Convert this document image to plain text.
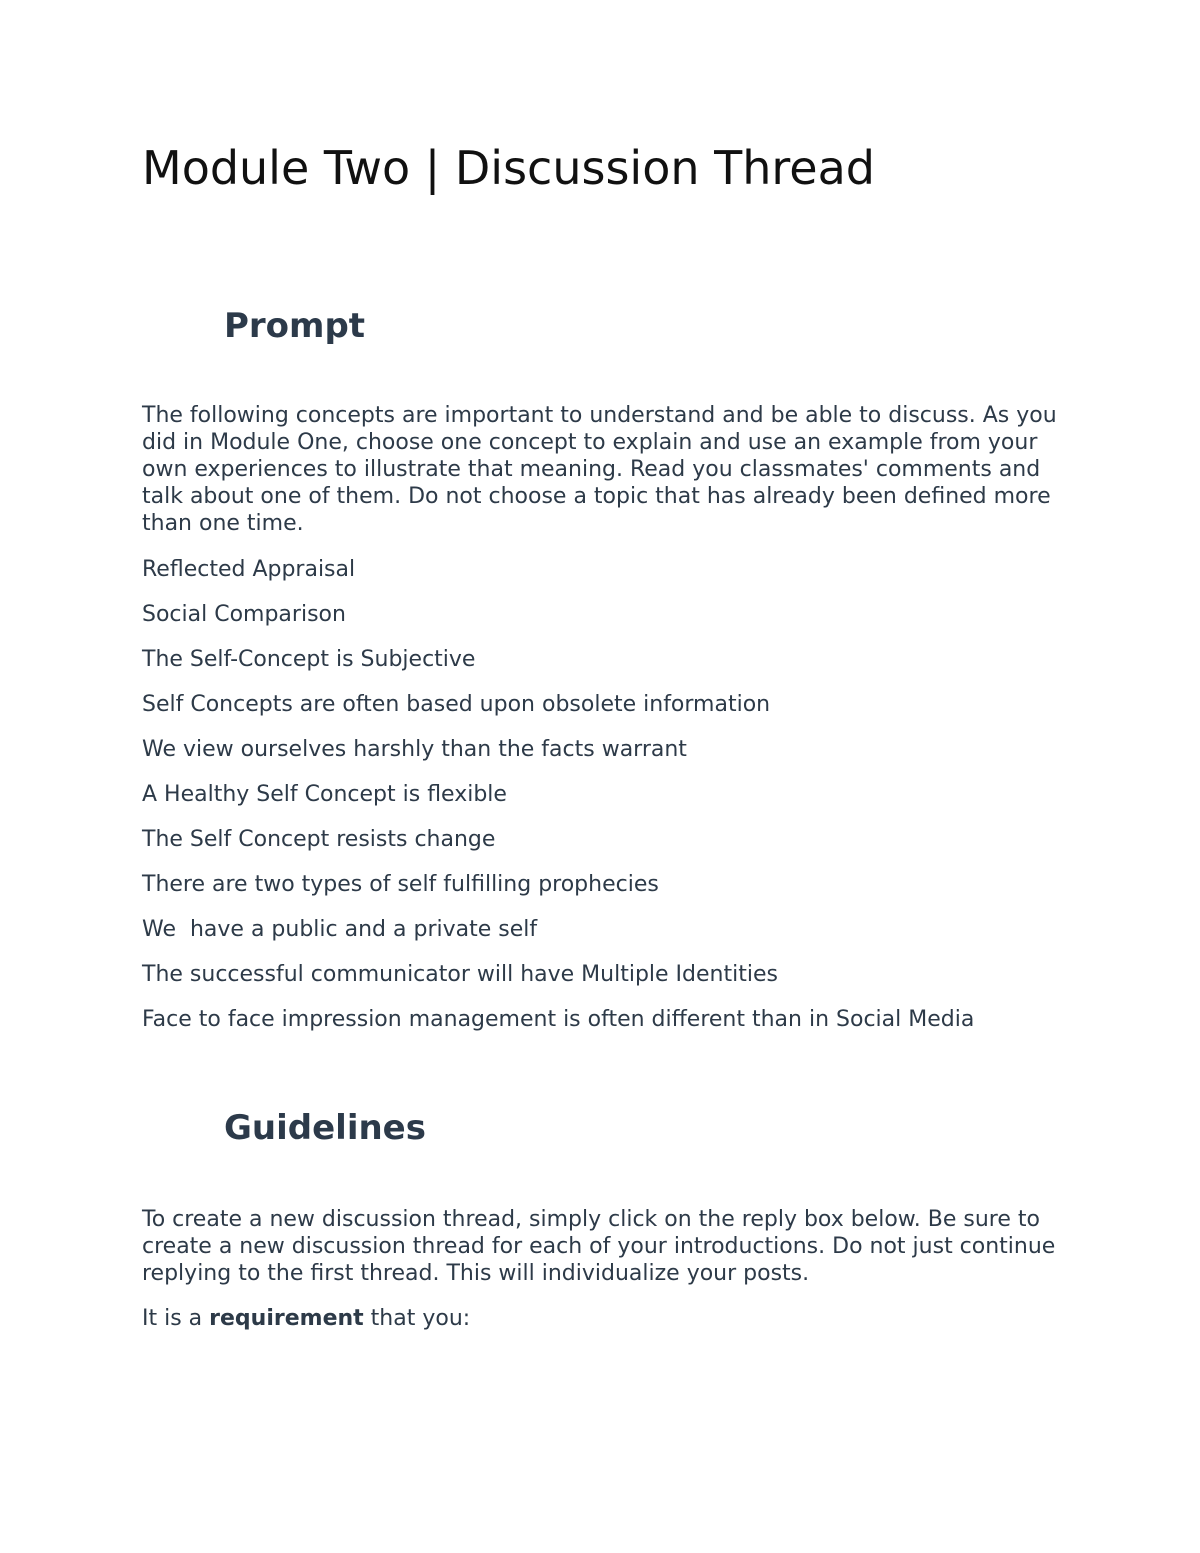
Module Two | Discussion Thread
Prompt

The following concepts are important to understand and be able to discuss. As you did in Module One, choose one concept to explain and use an example from your own experiences to illustrate that meaning. Read you classmates' comments and talk about one of them. Do not choose a topic that has already been defined more than one time.

Reflected Appraisal
Social Comparison
The Self-Concept is Subjective
Self Concepts are often based upon obsolete information
We view ourselves harshly than the facts warrant
A Healthy Self Concept is flexible
The Self Concept resists change
There are two types of self fulfilling prophecies
We  have a public and a private self
The successful communicator will have Multiple Identities
Face to face impression management is often different than in Social Media
Guidelines

To create a new discussion thread, simply click on the reply box below. Be sure to create a new discussion thread for each of your introductions. Do not just continue replying to the first thread. This will individualize your posts.

It is a requirement that you:
